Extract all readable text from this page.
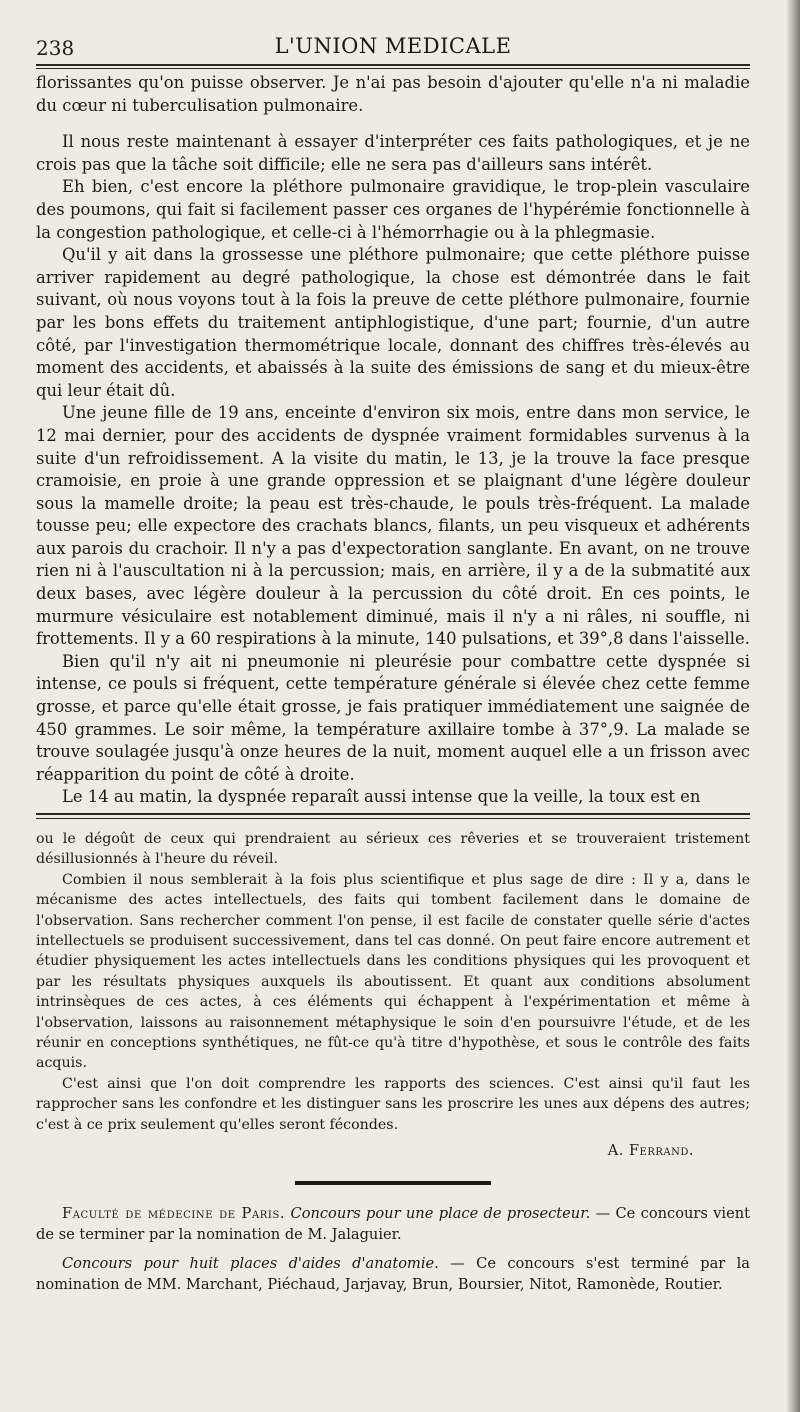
238	L'UNION MEDICALE

florissantes qu'on puisse observer. Je n'ai pas besoin d'ajouter qu'elle n'a ni maladie du cœur ni tuberculisation pulmonaire.

Il nous reste maintenant à essayer d'interpréter ces faits pathologiques, et je ne crois pas que la tâche soit difficile; elle ne sera pas d'ailleurs sans intérêt.

Eh bien, c'est encore la pléthore pulmonaire gravidique, le trop-plein vasculaire des poumons, qui fait si facilement passer ces organes de l'hypérémie fonctionnelle à la congestion pathologique, et celle-ci à l'hémorrhagie ou à la phlegmasie.

Qu'il y ait dans la grossesse une pléthore pulmonaire; que cette pléthore puisse arriver rapidement au degré pathologique, la chose est démontrée dans le fait suivant, où nous voyons tout à la fois la preuve de cette pléthore pulmonaire, fournie par les bons effets du traitement antiphlogistique, d'une part; fournie, d'un autre côté, par l'investigation thermométrique locale, donnant des chiffres très-élevés au moment des accidents, et abaissés à la suite des émissions de sang et du mieux-être qui leur était dû.

Une jeune fille de 19 ans, enceinte d'environ six mois, entre dans mon service, le 12 mai dernier, pour des accidents de dyspnée vraiment formidables survenus à la suite d'un refroidissement. A la visite du matin, le 13, je la trouve la face presque cramoisie, en proie à une grande oppression et se plaignant d'une légère douleur sous la mamelle droite; la peau est très-chaude, le pouls très-fréquent. La malade tousse peu; elle expectore des crachats blancs, filants, un peu visqueux et adhérents aux parois du crachoir. Il n'y a pas d'expectoration sanglante. En avant, on ne trouve rien ni à l'auscultation ni à la percussion; mais, en arrière, il y a de la submatité aux deux bases, avec légère douleur à la percussion du côté droit. En ces points, le murmure vésiculaire est notablement diminué, mais il n'y a ni râles, ni souffle, ni frottements. Il y a 60 respirations à la minute, 140 pulsations, et 39°,8 dans l'aisselle.

Bien qu'il n'y ait ni pneumonie ni pleurésie pour combattre cette dyspnée si intense, ce pouls si fréquent, cette température générale si élevée chez cette femme grosse, et parce qu'elle était grosse, je fais pratiquer immédiatement une saignée de 450 grammes. Le soir même, la température axillaire tombe à 37°,9. La malade se trouve soulagée jusqu'à onze heures de la nuit, moment auquel elle a un frisson avec réapparition du point de côté à droite.

Le 14 au matin, la dyspnée reparaît aussi intense que la veille, la toux est en

ou le dégoût de ceux qui prendraient au sérieux ces rêveries et se trouveraient tristement désillusionnés à l'heure du réveil.

Combien il nous semblerait à la fois plus scientifique et plus sage de dire : Il y a, dans le mécanisme des actes intellectuels, des faits qui tombent facilement dans le domaine de l'observation. Sans rechercher comment l'on pense, il est facile de constater quelle série d'actes intellectuels se produisent successivement, dans tel cas donné. On peut faire encore autrement et étudier physiquement les actes intellectuels dans les conditions physiques qui les provoquent et par les résultats physiques auxquels ils aboutissent. Et quant aux conditions absolument intrinsèques de ces actes, à ces éléments qui échappent à l'expérimentation et même à l'observation, laissons au raisonnement métaphysique le soin d'en poursuivre l'étude, et de les réunir en conceptions synthétiques, ne fût-ce qu'à titre d'hypothèse, et sous le contrôle des faits acquis.

C'est ainsi que l'on doit comprendre les rapports des sciences. C'est ainsi qu'il faut les rapprocher sans les confondre et les distinguer sans les proscrire les unes aux dépens des autres; c'est à ce prix seulement qu'elles seront fécondes.

A. Ferrand.

Faculté de médecine de Paris. Concours pour une place de prosecteur. — Ce concours vient de se terminer par la nomination de M. Jalaguier.

Concours pour huit places d'aides d'anatomie. — Ce concours s'est terminé par la nomination de MM. Marchant, Piéchaud, Jarjavay, Brun, Boursier, Nitot, Ramonède, Routier.
